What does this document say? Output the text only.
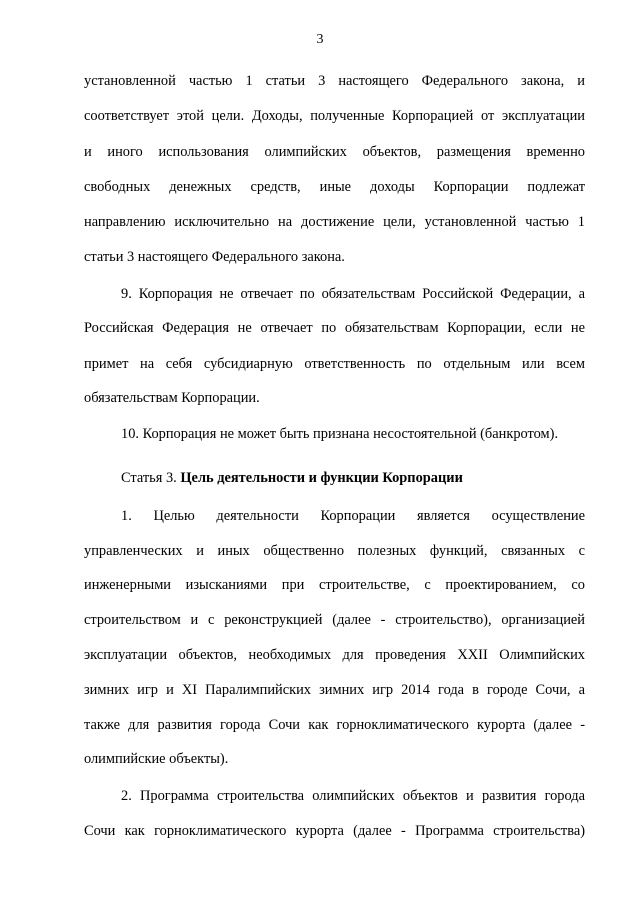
3
установленной частью 1 статьи 3 настоящего Федерального закона, и
соответствует этой цели. Доходы, полученные Корпорацией от эксплуатации
и иного использования олимпийских объектов, размещения временно
свободных денежных средств, иные доходы Корпорации подлежат
направлению исключительно на достижение цели, установленной частью 1
статьи 3 настоящего Федерального закона.
9. Корпорация не отвечает по обязательствам Российской Федерации, а
Российская Федерация не отвечает по обязательствам Корпорации, если не
примет на себя субсидиарную ответственность по отдельным или всем
обязательствам Корпорации.
10. Корпорация не может быть признана несостоятельной (банкротом).
Статья 3. Цель деятельности и функции Корпорации
1. Целью деятельности Корпорации является осуществление
управленческих и иных общественно полезных функций, связанных с
инженерными изысканиями при строительстве, с проектированием, со
строительством и с реконструкцией (далее - строительство), организацией
эксплуатации объектов, необходимых для проведения XXII Олимпийских
зимних игр и XI Паралимпийских зимних игр 2014 года в городе Сочи, а
также для развития города Сочи как горноклиматического курорта (далее -
олимпийские объекты).
2. Программа строительства олимпийских объектов и развития города
Сочи как горноклиматического курорта (далее - Программа строительства)
